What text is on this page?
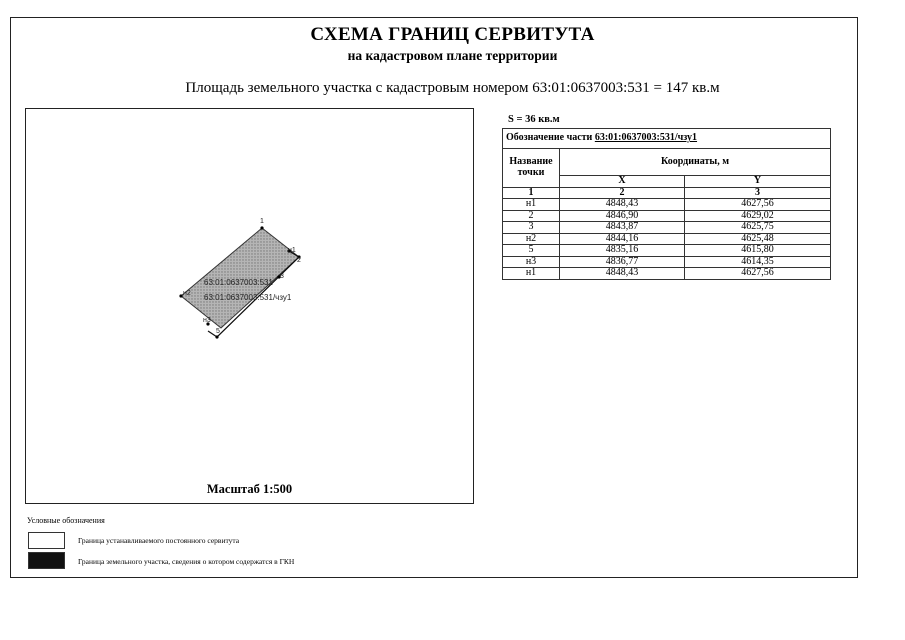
СХЕМА ГРАНИЦ СЕРВИТУТА
на кадастровом плане территории
Площадь земельного участка с кадастровым номером 63:01:0637003:531 = 147 кв.м
1
н1
2
3
н2
5
н3
63:01:0637003:531
63:01:0637003:531/чзу1
Масштаб 1:500
S = 36 кв.м
Обозначение части 63:01:0637003:531/чзу1		
Название точки	Координаты, м	
	X	Y
1	2	3
н1	4848,43	4627,56
2	4846,90	4629,02
3	4843,87	4625,75
н2	4844,16	4625,48
5	4835,16	4615,80
н3	4836,77	4614,35
н1	4848,43	4627,56
Условные обозначения
Граница устанавливаемого постоянного сервитута
Граница земельного участка, сведения о котором содержатся в ГКН
